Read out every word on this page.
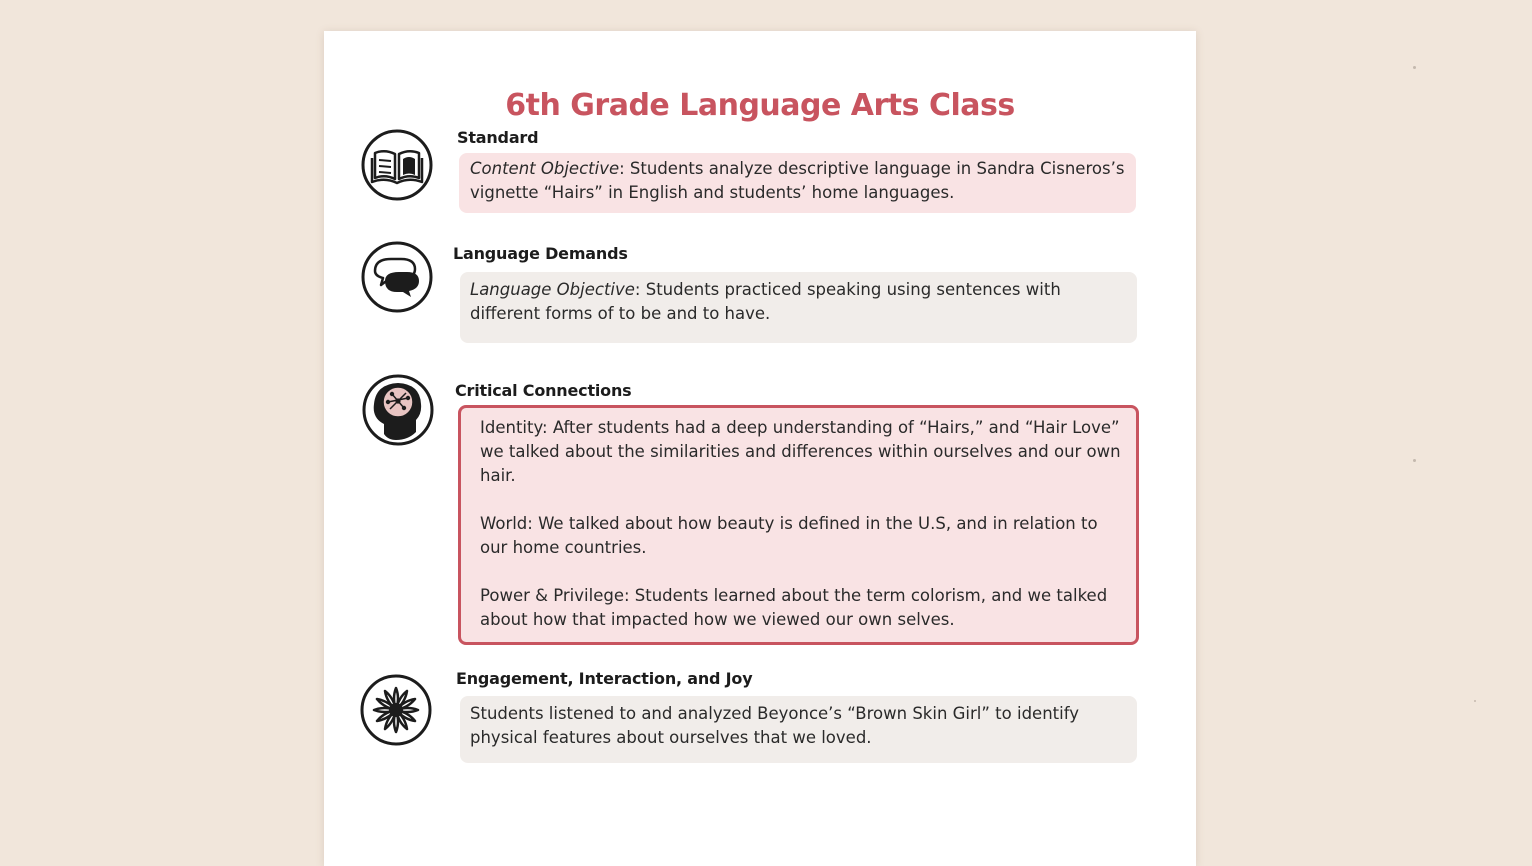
6th Grade Language Arts Class
Standard

Content Objective: Students analyze descriptive language in Sandra Cisneros’s vignette “Hairs” in English and students’ home languages.

Language Demands

Language Objective: Students practiced speaking using sentences with different forms of to be and to have.

Critical Connections

Identity: After students had a deep understanding of “Hairs,” and “Hair Love” we talked about the similarities and differences within ourselves and our own hair.

World: We talked about how beauty is defined in the U.S, and in relation to our home countries.

Power & Privilege: Students learned about the term colorism, and we talked about how that impacted how we viewed our own selves.

Engagement, Interaction, and Joy

Students listened to and analyzed Beyonce’s “Brown Skin Girl” to identify physical features about ourselves that we loved.
